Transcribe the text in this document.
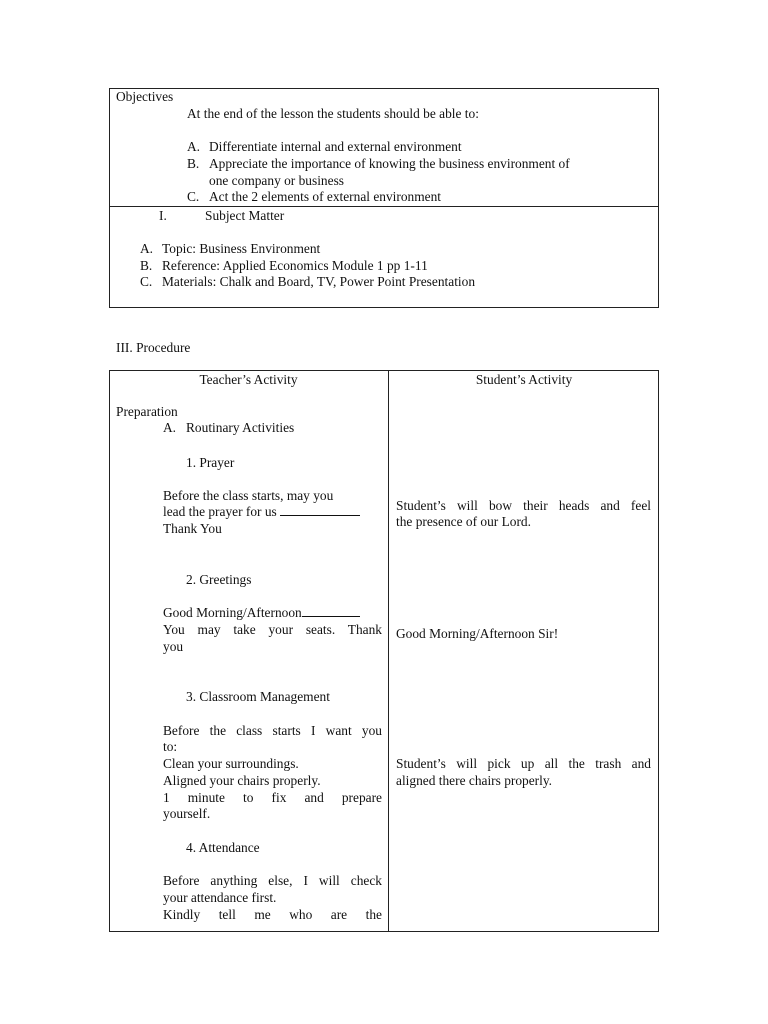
Objectives
At the end of the lesson the students should be able to:
A. Differentiate internal and external environment
B. Appreciate the importance of knowing the business environment of
one company or business
C. Act the 2 elements of external environment
I.	Subject Matter
A. Topic: Business Environment
B. Reference: Applied Economics Module 1 pp 1-11
C. Materials: Chalk and Board, TV, Power Point Presentation
III. Procedure
Teacher’s Activity	Student’s Activity
Preparation
A. Routinary Activities
1. Prayer
Before the class starts, may you
lead the prayer for us
Thank You
Student’s will bow their heads and feel
the presence of our Lord.
2. Greetings
Good Morning/Afternoon
You may take your seats. Thank
you
Good Morning/Afternoon Sir!
3. Classroom Management
Before the class starts I want you
to:
Clean your surroundings.
Aligned your chairs properly.
1 minute to fix and prepare
yourself.
Student’s will pick up all the trash and
aligned there chairs properly.
4. Attendance
Before anything else, I will check
your attendance first.
Kindly tell me who are the
